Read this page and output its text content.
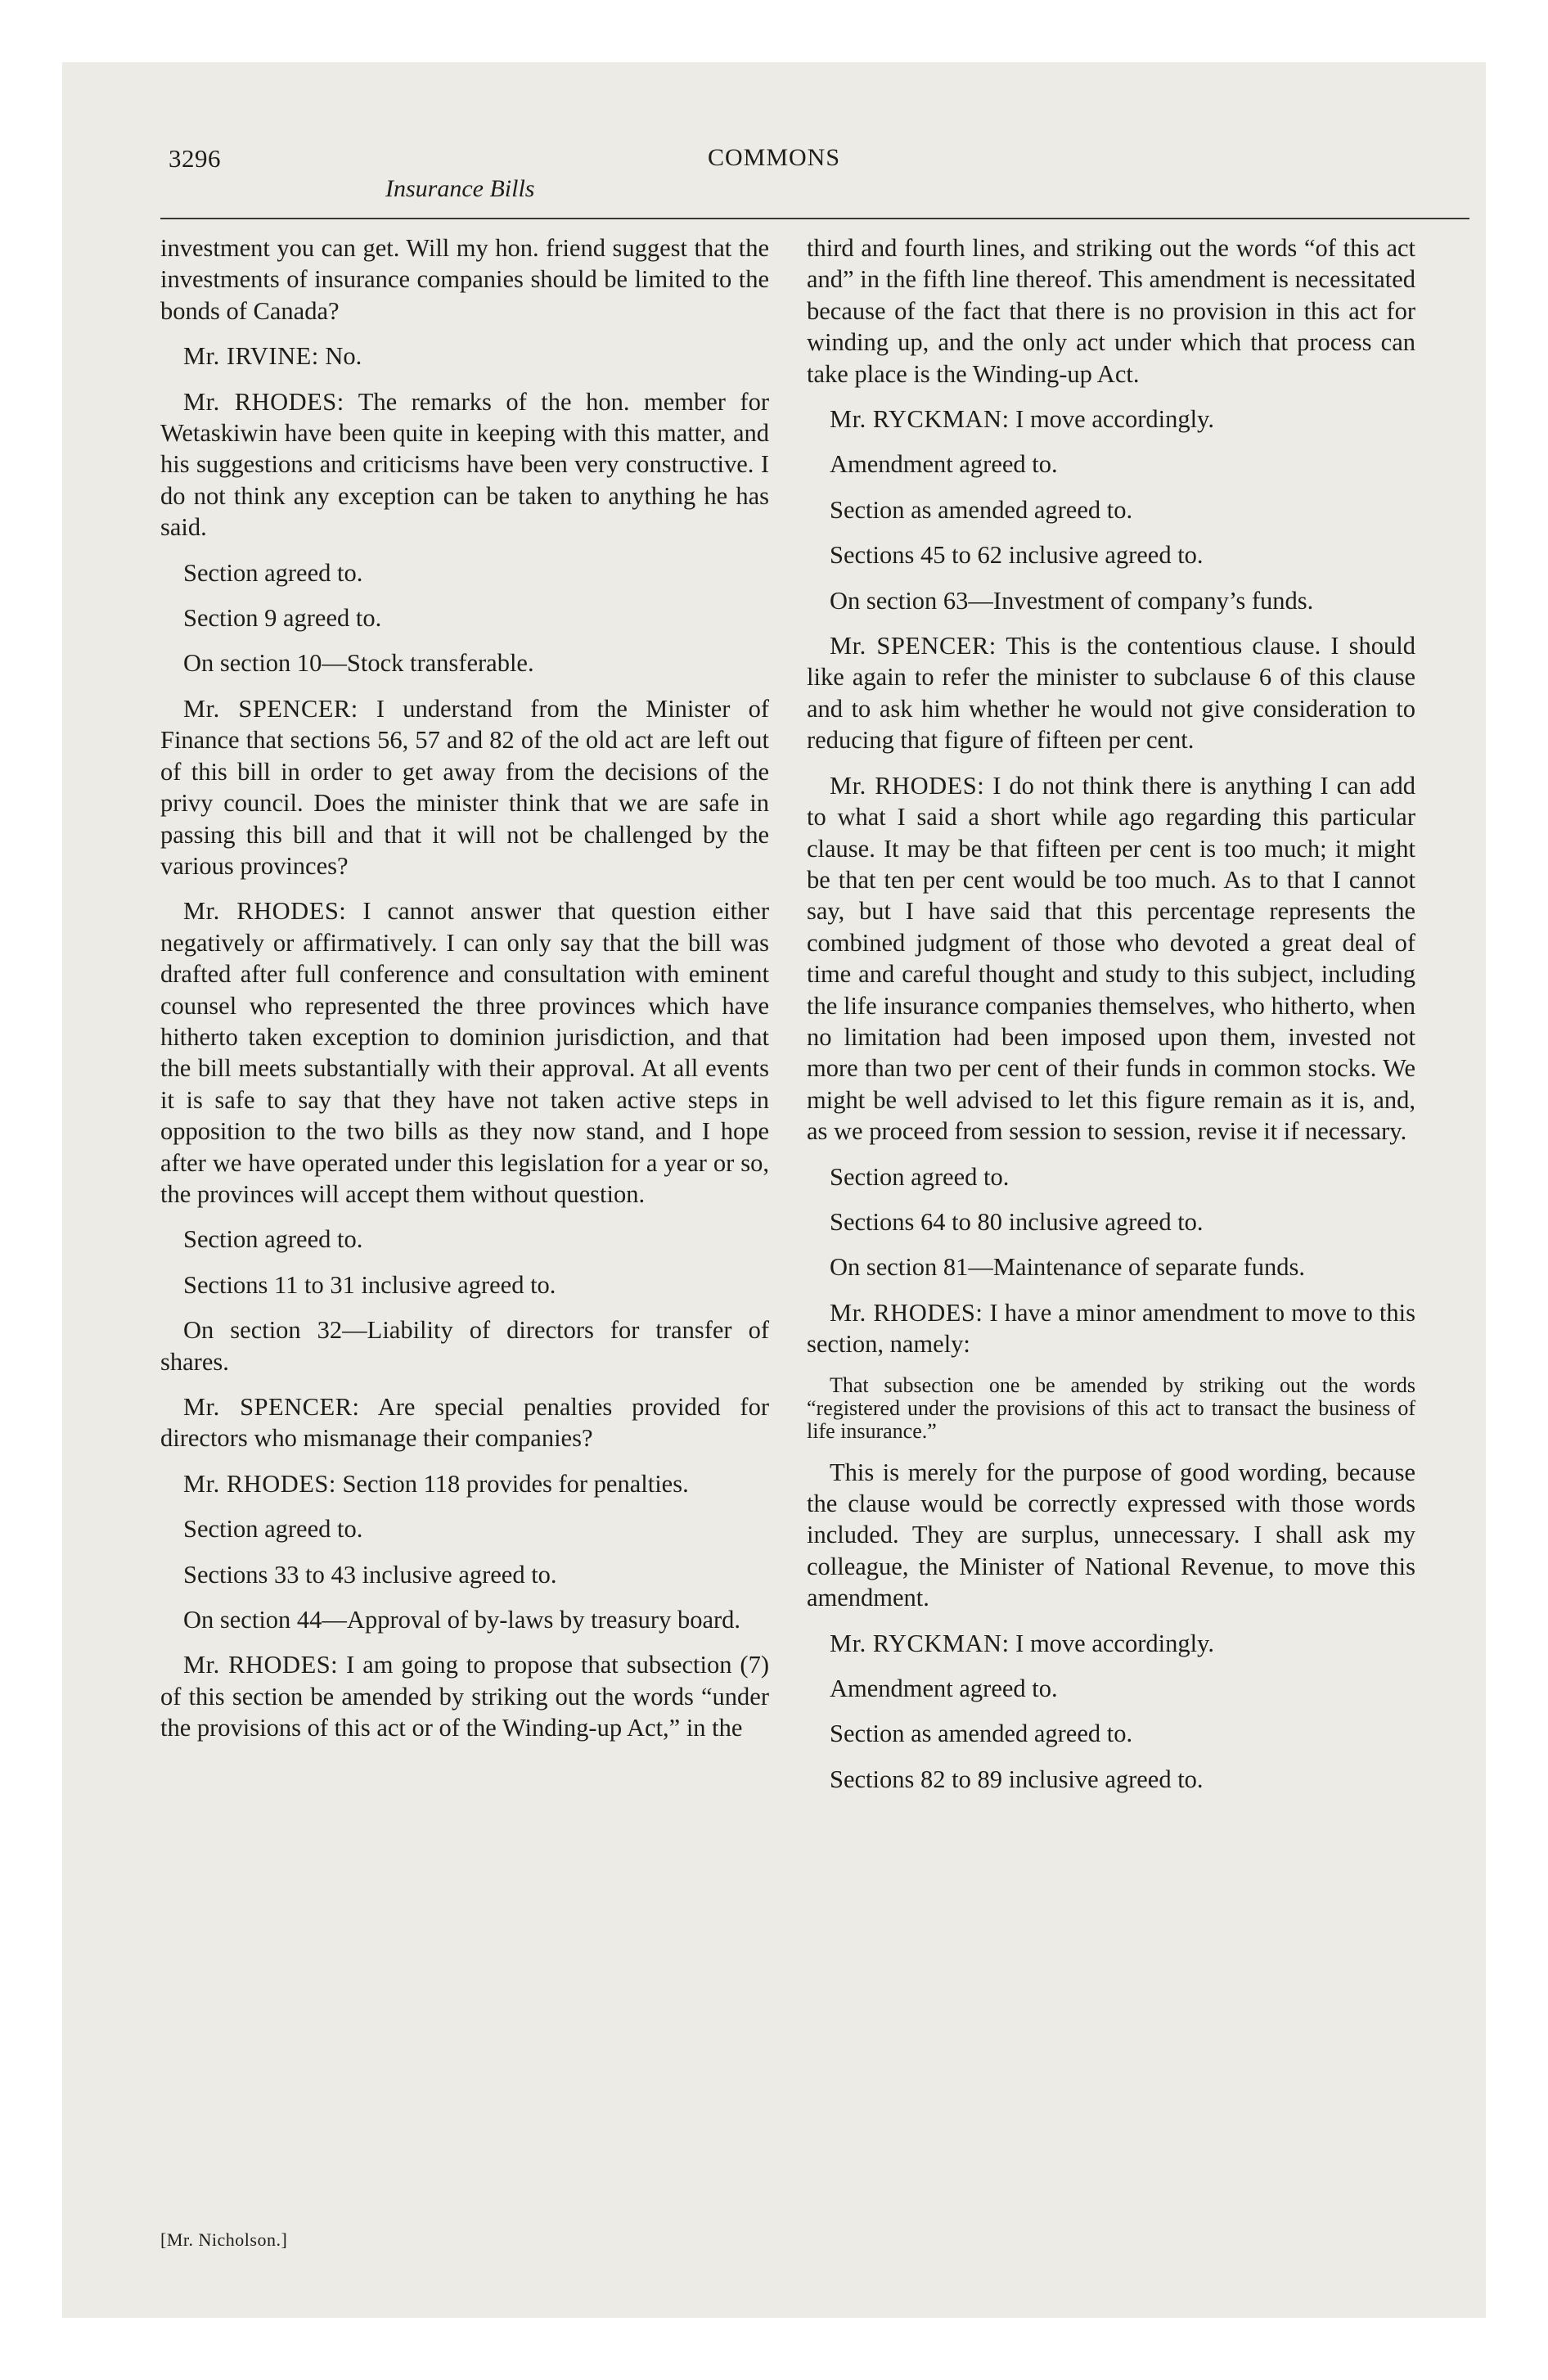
3296	COMMONS
Insurance Bills

investment you can get. Will my hon. friend suggest that the investments of insurance companies should be limited to the bonds of Canada?

Mr. IRVINE: No.

Mr. RHODES: The remarks of the hon. member for Wetaskiwin have been quite in keeping with this matter, and his suggestions and criticisms have been very constructive. I do not think any exception can be taken to anything he has said.

Section agreed to.

Section 9 agreed to.

On section 10—Stock transferable.

Mr. SPENCER: I understand from the Minister of Finance that sections 56, 57 and 82 of the old act are left out of this bill in order to get away from the decisions of the privy council. Does the minister think that we are safe in passing this bill and that it will not be challenged by the various provinces?

Mr. RHODES: I cannot answer that question either negatively or affirmatively. I can only say that the bill was drafted after full conference and consultation with eminent counsel who represented the three provinces which have hitherto taken exception to dominion jurisdiction, and that the bill meets substantially with their approval. At all events it is safe to say that they have not taken active steps in opposition to the two bills as they now stand, and I hope after we have operated under this legislation for a year or so, the provinces will accept them without question.

Section agreed to.

Sections 11 to 31 inclusive agreed to.

On section 32—Liability of directors for transfer of shares.

Mr. SPENCER: Are special penalties provided for directors who mismanage their companies?

Mr. RHODES: Section 118 provides for penalties.

Section agreed to.

Sections 33 to 43 inclusive agreed to.

On section 44—Approval of by-laws by treasury board.

Mr. RHODES: I am going to propose that subsection (7) of this section be amended by striking out the words “under the provisions of this act or of the Winding-up Act,” in the

third and fourth lines, and striking out the words “of this act and” in the fifth line thereof. This amendment is necessitated because of the fact that there is no provision in this act for winding up, and the only act under which that process can take place is the Winding-up Act.

Mr. RYCKMAN: I move accordingly.

Amendment agreed to.

Section as amended agreed to.

Sections 45 to 62 inclusive agreed to.

On section 63—Investment of company’s funds.

Mr. SPENCER: This is the contentious clause. I should like again to refer the minister to subclause 6 of this clause and to ask him whether he would not give consideration to reducing that figure of fifteen per cent.

Mr. RHODES: I do not think there is anything I can add to what I said a short while ago regarding this particular clause. It may be that fifteen per cent is too much; it might be that ten per cent would be too much. As to that I cannot say, but I have said that this percentage represents the combined judgment of those who devoted a great deal of time and careful thought and study to this subject, including the life insurance companies themselves, who hitherto, when no limitation had been imposed upon them, invested not more than two per cent of their funds in common stocks. We might be well advised to let this figure remain as it is, and, as we proceed from session to session, revise it if necessary.

Section agreed to.

Sections 64 to 80 inclusive agreed to.

On section 81—Maintenance of separate funds.

Mr. RHODES: I have a minor amendment to move to this section, namely:

That subsection one be amended by striking out the words “registered under the provisions of this act to transact the business of life insurance.”

This is merely for the purpose of good wording, because the clause would be correctly expressed with those words included. They are surplus, unnecessary. I shall ask my colleague, the Minister of National Revenue, to move this amendment.

Mr. RYCKMAN: I move accordingly.

Amendment agreed to.

Section as amended agreed to.

Sections 82 to 89 inclusive agreed to.

[Mr. Nicholson.]
